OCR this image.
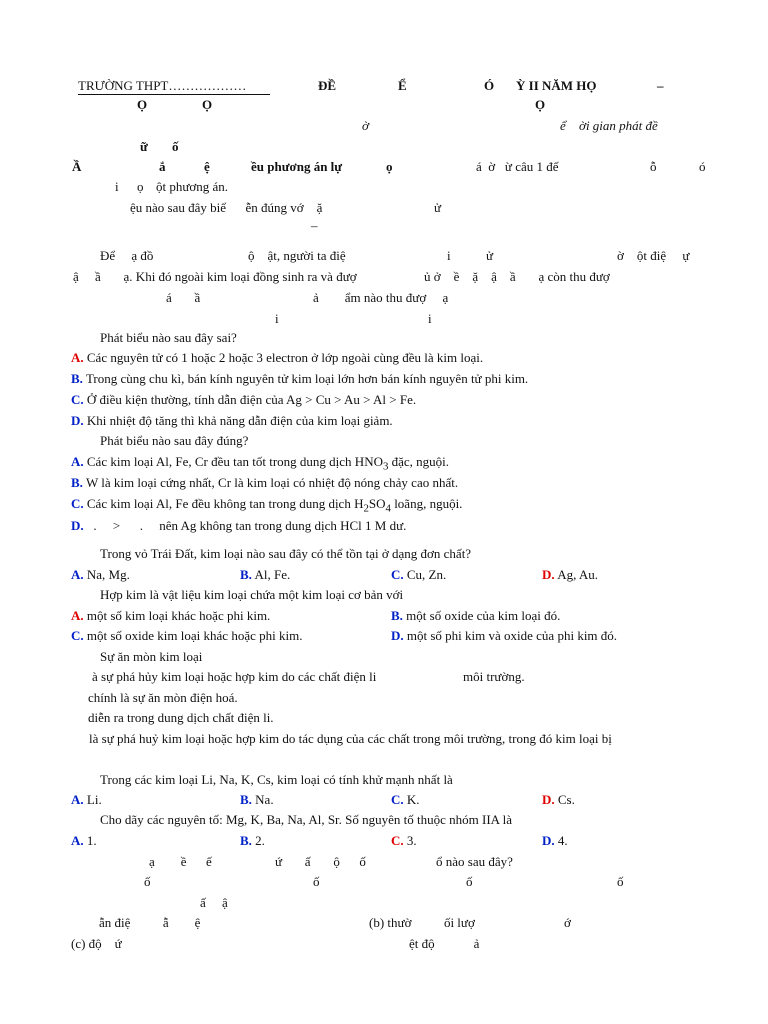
TRƯỜNG THPT………………	ĐỀ	Ể	Ó Ỳ II NĂM HỌ	–
Ọ	Ọ	Ọ
ờ	ể ời gian phát đề
ữ ố
Ầ	ắ	ệ	ều phương án lự	ọ	á  ờ   ừ câu 1 đế	ỗ	ó
i ọ ột phương án.
ệu nào sau đây biể      ễn đúng vớ    ặ	ử
–
Để     ạ đồ	ộ    ật, người ta điệ	i	ử	ờ    ột điệ     ự
ậ     ầ       ạ. Khi đó ngoài kim loại đồng sinh ra và đượ	ủ ở    ề    ặ    ậ    ầ       ạ còn thu đượ
á       ầ	ả        ẩm nào thu đượ     ạ
i	i
Phát biểu nào sau đây sai?
A. Các nguyên tử có 1 hoặc 2 hoặc 3 electron ở lớp ngoài cùng đều là kim loại.
B. Trong cùng chu kì, bán kính nguyên tử kim loại lớn hơn bán kính nguyên tử phi kim.
C. Ở điều kiện thường, tính dẫn điện của Ag > Cu > Au > Al > Fe.
D. Khi nhiệt độ tăng thì khả năng dẫn điện của kim loại giảm.
Phát biểu nào sau đây đúng?
A. Các kim loại Al, Fe, Cr đều tan tốt trong dung dịch $HNO_3$ đặc, nguội.
B. W là kim loại cứng nhất, Cr là kim loại có nhiệt độ nóng chảy cao nhất.
C. Các kim loại Al, Fe đều không tan trong dung dịch $H_2SO_4$ loãng, nguội.
D. .     >      .     nên Ag không tan trong dung dịch HCl 1 M dư.
Trong vỏ Trái Đất, kim loại nào sau đây có thể tồn tại ở dạng đơn chất?
A. Na, Mg.	B. Al, Fe.	C. Cu, Zn.	D. Ag, Au.
Hợp kim là vật liệu kim loại chứa một kim loại cơ bản với
A. một số kim loại khác hoặc phi kim.	B. một số oxide của kim loại đó.
C. một số oxide kim loại khác hoặc phi kim.	D. một số phi kim và oxide của phi kim đó.
Sự ăn mòn kim loại
à sự phá hủy kim loại hoặc hợp kim do các chất điện li	môi trường.
chính là sự ăn mòn điện hoá.
diễn ra trong dung dịch chất điện li.
là sự phá huỷ kim loại hoặc hợp kim do tác dụng của các chất trong môi trường, trong đó kim loại bị
Trong các kim loại Li, Na, K, Cs, kim loại có tính khử mạnh nhất là
A. Li.	B. Na.	C. K.	D. Cs.
Cho dãy các nguyên tố: Mg, K, Ba, Na, Al, Sr. Số nguyên tố thuộc nhóm IIA là
A. 1.	B. 2.	C. 3.	D. 4.
ạ        ề      ế	ứ       ấ       ộ      ố	ổ nào sau đây?
ố	ố	ố	ố
ấ     ậ
ẫn điệ          ẫ        ệ	(b) thườ          ối lượ	ớ
(c) độ    ứ	ệt độ            ả
